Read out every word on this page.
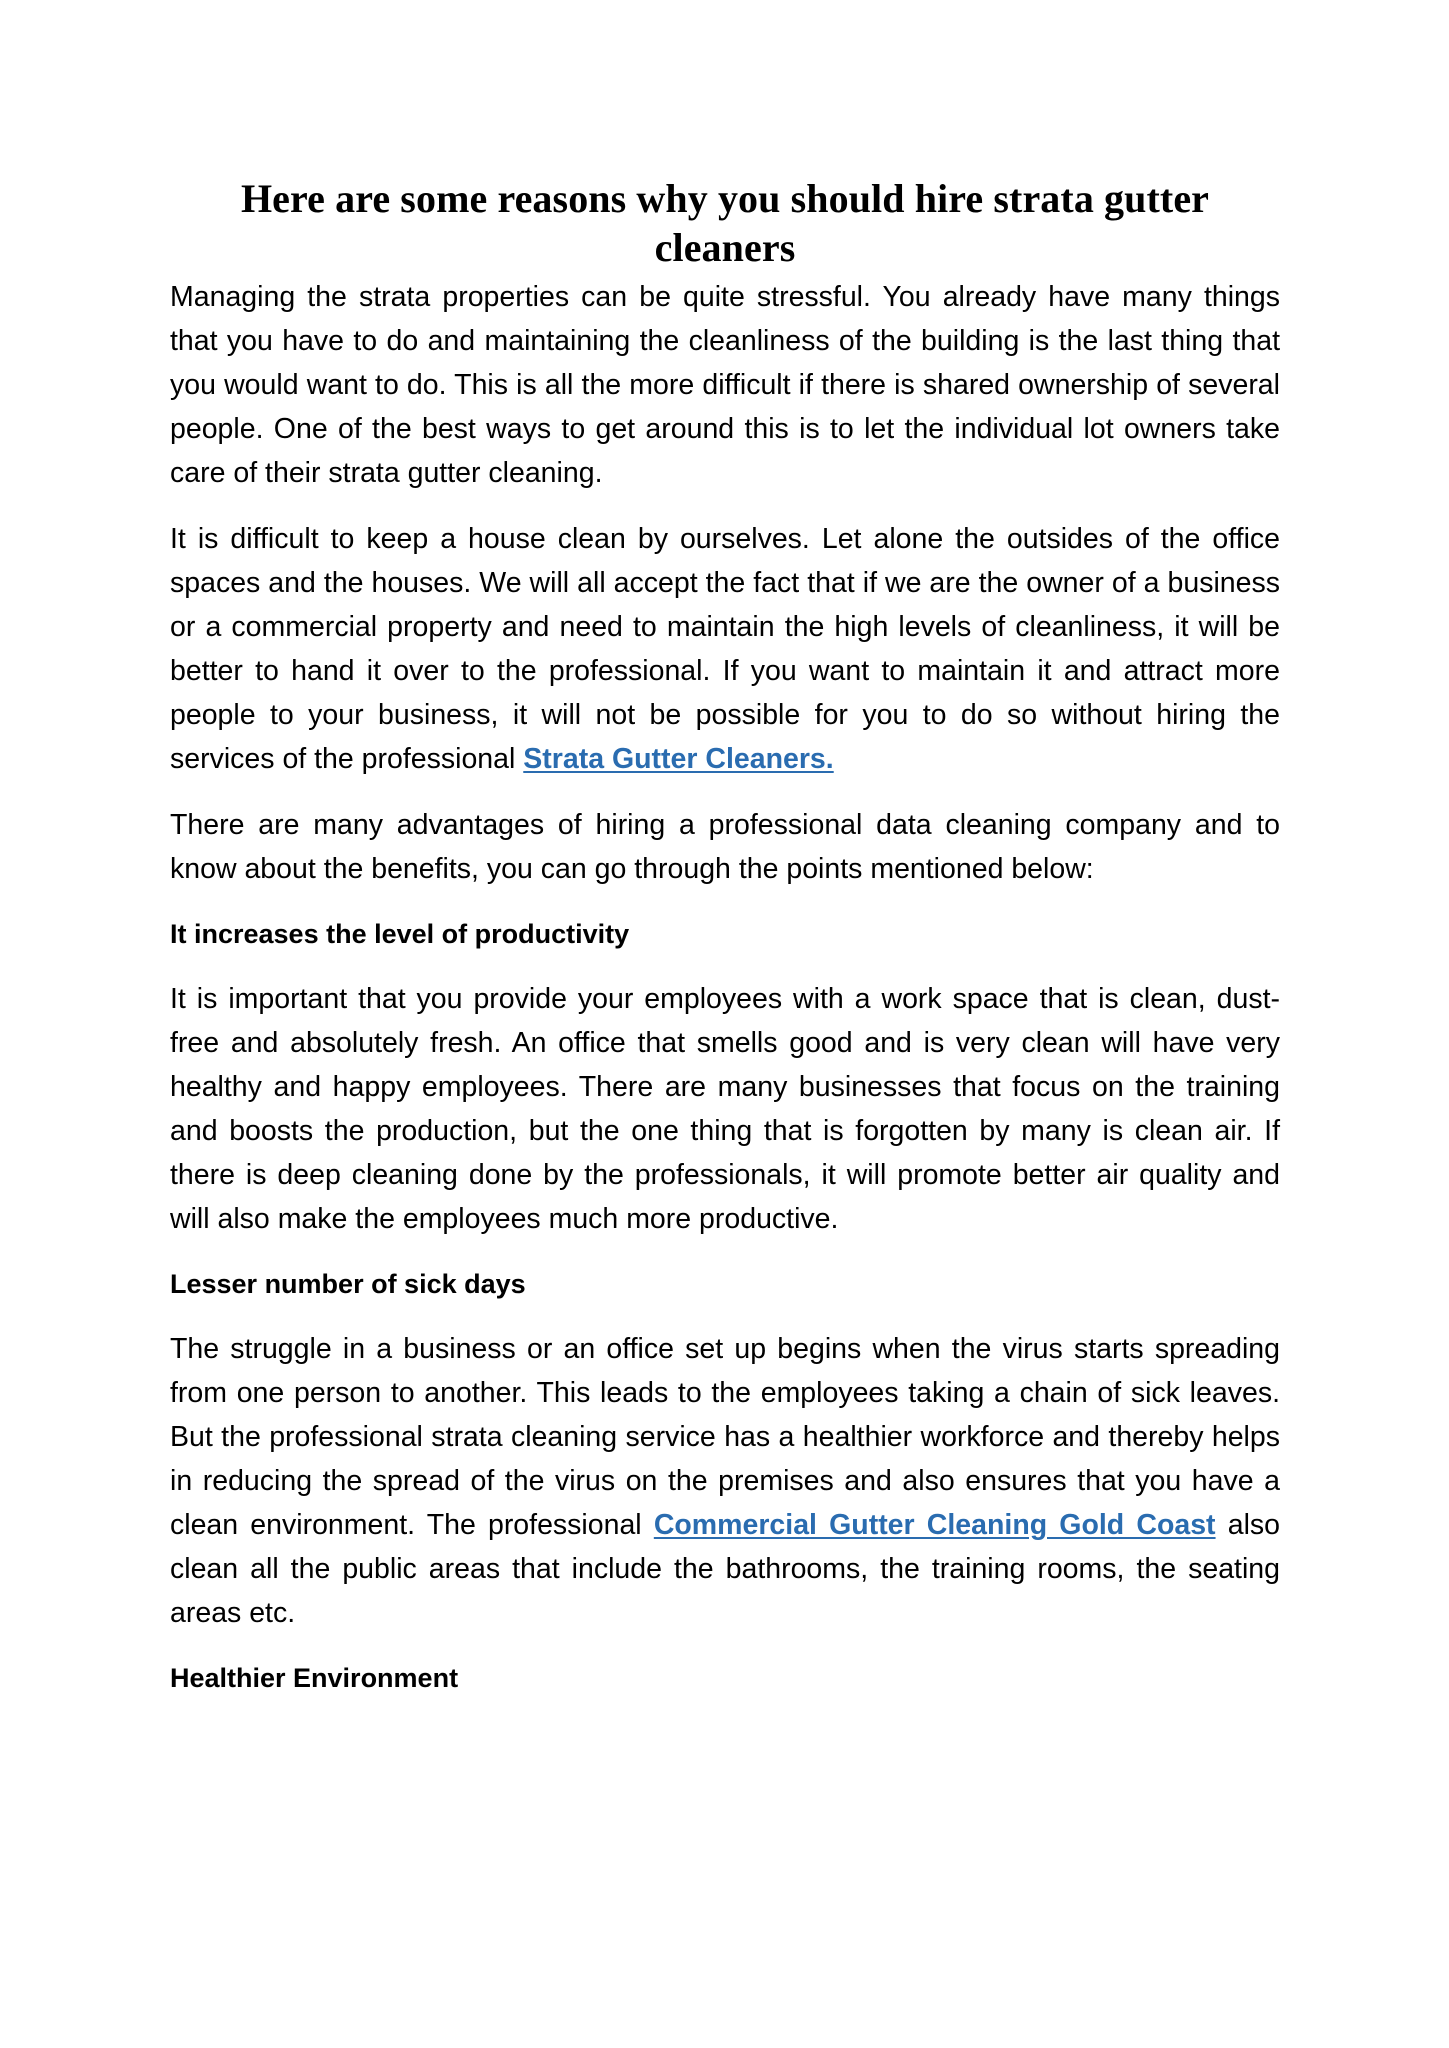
Here are some reasons why you should hire strata gutter cleaners

Managing the strata properties can be quite stressful. You already have many things that you have to do and maintaining the cleanliness of the building is the last thing that you would want to do. This is all the more difficult if there is shared ownership of several people. One of the best ways to get around this is to let the individual lot owners take care of their strata gutter cleaning.

It is difficult to keep a house clean by ourselves. Let alone the outsides of the office spaces and the houses. We will all accept the fact that if we are the owner of a business or a commercial property and need to maintain the high levels of cleanliness, it will be better to hand it over to the professional. If you want to maintain it and attract more people to your business, it will not be possible for you to do so without hiring the services of the professional Strata Gutter Cleaners.

There are many advantages of hiring a professional data cleaning company and to know about the benefits, you can go through the points mentioned below:

It increases the level of productivity

It is important that you provide your employees with a work space that is clean, dust-free and absolutely fresh. An office that smells good and is very clean will have very healthy and happy employees. There are many businesses that focus on the training and boosts the production, but the one thing that is forgotten by many is clean air. If there is deep cleaning done by the professionals, it will promote better air quality and will also make the employees much more productive.

Lesser number of sick days

The struggle in a business or an office set up begins when the virus starts spreading from one person to another. This leads to the employees taking a chain of sick leaves. But the professional strata cleaning service has a healthier workforce and thereby helps in reducing the spread of the virus on the premises and also ensures that you have a clean environment. The professional Commercial Gutter Cleaning Gold Coast also clean all the public areas that include the bathrooms, the training rooms, the seating areas etc.

Healthier Environment
